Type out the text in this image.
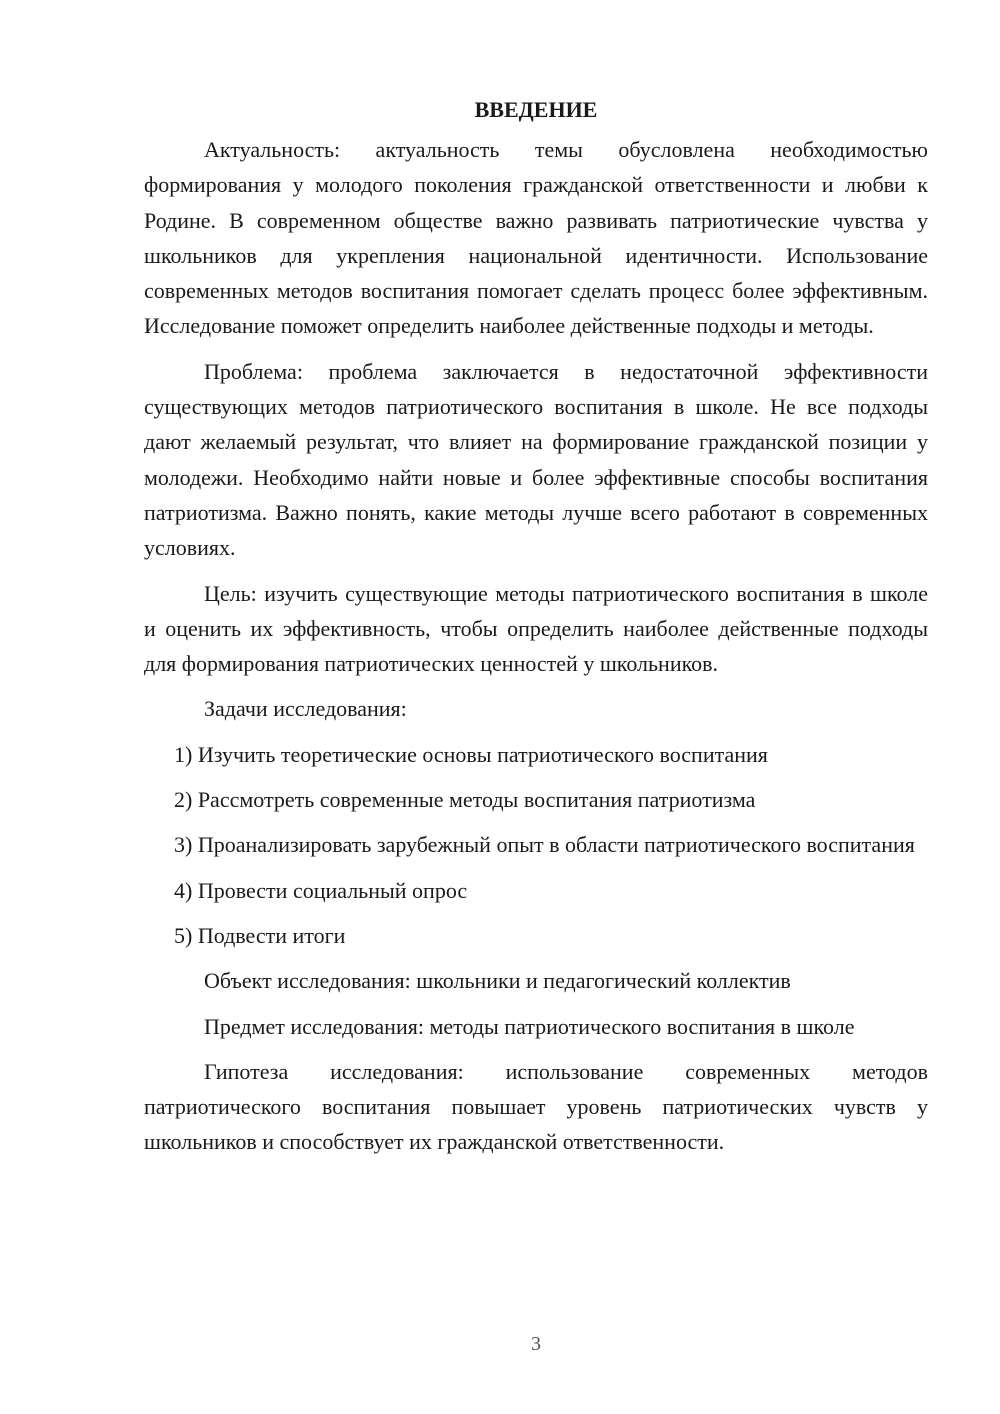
ВВЕДЕНИЕ

Актуальность: актуальность темы обусловлена необходимостью формирования у молодого поколения гражданской ответственности и любви к Родине. В современном обществе важно развивать патриотические чувства у школьников для укрепления национальной идентичности. Использование современных методов воспитания помогает сделать процесс более эффективным. Исследование поможет определить наиболее действенные подходы и методы.

Проблема: проблема заключается в недостаточной эффективности существующих методов патриотического воспитания в школе. Не все подходы дают желаемый результат, что влияет на формирование гражданской позиции у молодежи. Необходимо найти новые и более эффективные способы воспитания патриотизма. Важно понять, какие методы лучше всего работают в современных условиях.

Цель: изучить существующие методы патриотического воспитания в школе и оценить их эффективность, чтобы определить наиболее действенные подходы для формирования патриотических ценностей у школьников.

Задачи исследования:

1) Изучить теоретические основы патриотического воспитания

2) Рассмотреть современные методы воспитания патриотизма

3) Проанализировать зарубежный опыт в области патриотического воспитания

4) Провести социальный опрос

5) Подвести итоги

Объект исследования: школьники и педагогический коллектив

Предмет исследования: методы патриотического воспитания в школе

Гипотеза исследования: использование современных методов патриотического воспитания повышает уровень патриотических чувств у школьников и способствует их гражданской ответственности.

3
